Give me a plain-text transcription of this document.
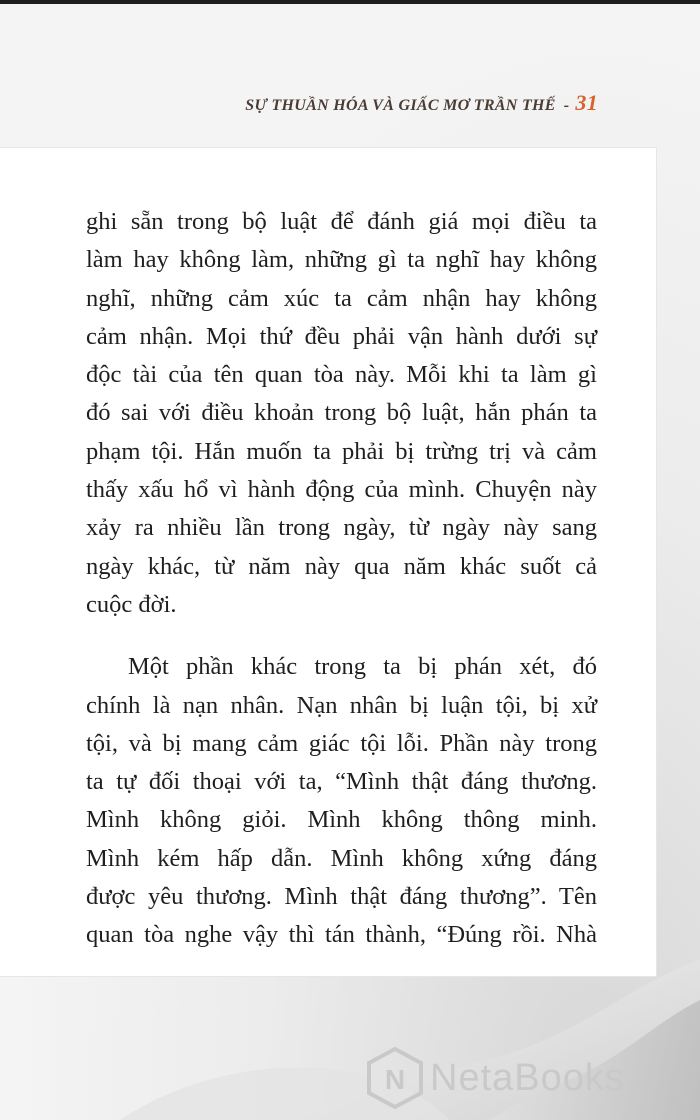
SỰ THUẦN HÓA VÀ GIẤC MƠ TRẦN THẾ - 31
ghi sẵn trong bộ luật để đánh giá mọi điều ta
làm hay không làm, những gì ta nghĩ hay không
nghĩ, những cảm xúc ta cảm nhận hay không
cảm nhận. Mọi thứ đều phải vận hành dưới sự
độc tài của tên quan tòa này. Mỗi khi ta làm gì
đó sai với điều khoản trong bộ luật, hắn phán ta
phạm tội. Hắn muốn ta phải bị trừng trị và cảm
thấy xấu hổ vì hành động của mình. Chuyện này
xảy ra nhiều lần trong ngày, từ ngày này sang
ngày khác, từ năm này qua năm khác suốt cả
cuộc đời.
Một phần khác trong ta bị phán xét, đó
chính là nạn nhân. Nạn nhân bị luận tội, bị xử
tội, và bị mang cảm giác tội lỗi. Phần này trong
ta tự đối thoại với ta, “Mình thật đáng thương.
Mình không giỏi. Mình không thông minh.
Mình kém hấp dẫn. Mình không xứng đáng
được yêu thương. Mình thật đáng thương”. Tên
quan tòa nghe vậy thì tán thành, “Đúng rồi. Nhà
N NetaBooks .vn
